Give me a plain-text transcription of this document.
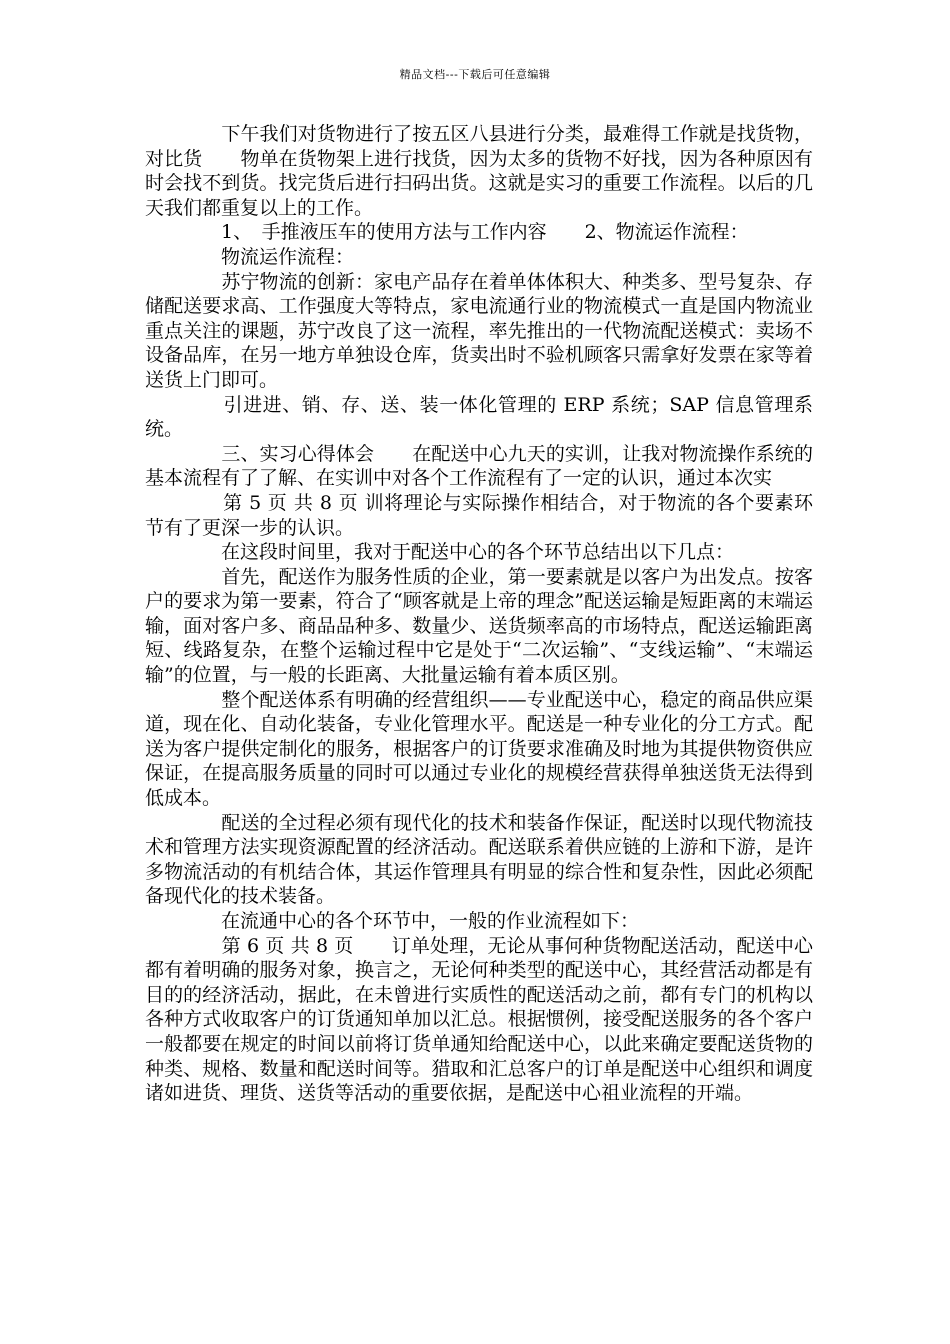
精品文档---下载后可任意编辑

　　　　下午我们对货物进行了按五区八县进行分类，最难得工作就是找货物，对比货　　物单在货物架上进行找货，因为太多的货物不好找，因为各种原因有时会找不到货。找完货后进行扫码出货。这就是实习的重要工作流程。以后的几天我们都重复以上的工作。

　　　　1、　手推液压车的使用方法与工作内容　　2、物流运作流程：

　　　　物流运作流程：

　　　　苏宁物流的创新：家电产品存在着单体体积大、种类多、型号复杂、存储配送要求高、工作强度大等特点，家电流通行业的物流模式一直是国内物流业重点关注的课题，苏宁改良了这一流程，率先推出的一代物流配送模式：卖场不设备品库，在另一地方单独设仓库，货卖出时不验机顾客只需拿好发票在家等着送货上门即可。

　　　　引进进、销、存、送、装一体化管理的 ERP 系统；SAP 信息管理系统。

　　　　三、实习心得体会　　在配送中心九天的实训，让我对物流操作系统的基本流程有了了解、在实训中对各个工作流程有了一定的认识，通过本次实

　　　　第 5 页 共 8 页 训将理论与实际操作相结合，对于物流的各个要素环节有了更深一步的认识。

　　　　在这段时间里，我对于配送中心的各个环节总结出以下几点：

　　　　首先，配送作为服务性质的企业，第一要素就是以客户为出发点。按客户的要求为第一要素，符合了“顾客就是上帝的理念”配送运输是短距离的末端运输，面对客户多、商品品种多、数量少、送货频率高的市场特点，配送运输距离短、线路复杂，在整个运输过程中它是处于“二次运输”、“支线运输”、“末端运输”的位置，与一般的长距离、大批量运输有着本质区别。

　　　　整个配送体系有明确的经营组织——专业配送中心，稳定的商品供应渠道，现在化、自动化装备，专业化管理水平。配送是一种专业化的分工方式。配送为客户提供定制化的服务，根据客户的订货要求准确及时地为其提供物资供应保证，在提高服务质量的同时可以通过专业化的规模经营获得单独送货无法得到低成本。

　　　　配送的全过程必须有现代化的技术和装备作保证，配送时以现代物流技术和管理方法实现资源配置的经济活动。配送联系着供应链的上游和下游，是许多物流活动的有机结合体，其运作管理具有明显的综合性和复杂性，因此必须配备现代化的技术装备。

　　　　在流通中心的各个环节中，一般的作业流程如下：

　　　　第 6 页 共 8 页　　订单处理，无论从事何种货物配送活动，配送中心都有着明确的服务对象，换言之，无论何种类型的配送中心，其经营活动都是有目的的经济活动，据此，在未曾进行实质性的配送活动之前，都有专门的机构以各种方式收取客户的订货通知单加以汇总。根据惯例，接受配送服务的各个客户一般都要在规定的时间以前将订货单通知给配送中心，以此来确定要配送货物的种类、规格、数量和配送时间等。猎取和汇总客户的订单是配送中心组织和调度诸如进货、理货、送货等活动的重要依据，是配送中心祖业流程的开端。
